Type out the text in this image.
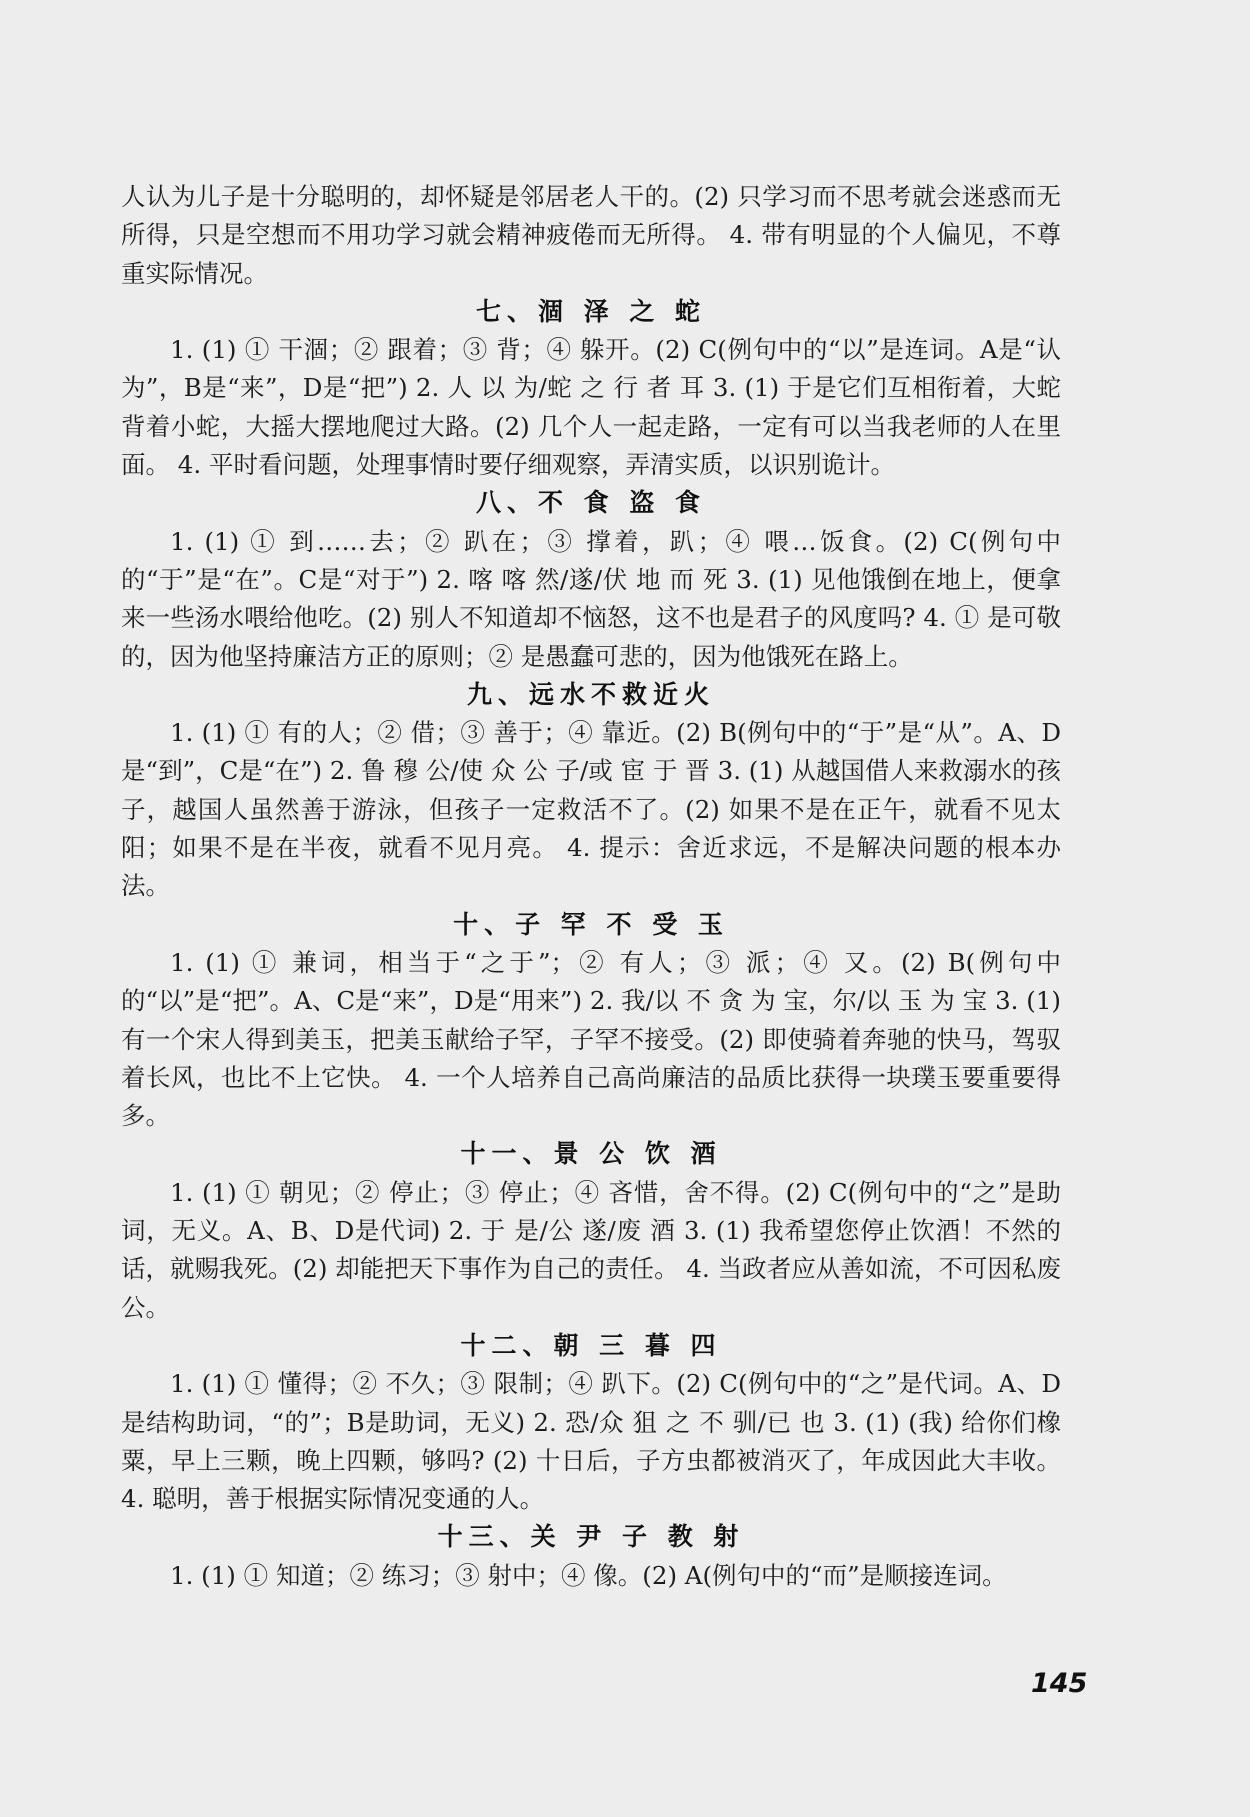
人认为儿子是十分聪明的，却怀疑是邻居老人干的。(2) 只学习而不思考就会迷惑而无所得，只是空想而不用功学习就会精神疲倦而无所得。 4. 带有明显的个人偏见，不尊重实际情况。

七、涸 泽 之 蛇

1. (1) ① 干涸；② 跟着；③ 背；④ 躲开。(2) C(例句中的“以”是连词。A是“认为”，B是“来”，D是“把”) 2. 人 以 为/蛇 之 行 者 耳 3. (1) 于是它们互相衔着，大蛇背着小蛇，大摇大摆地爬过大路。(2) 几个人一起走路，一定有可以当我老师的人在里面。 4. 平时看问题，处理事情时要仔细观察，弄清实质，以识别诡计。

八、不 食 盗 食

1. (1) ① 到……去；② 趴在；③ 撑着，趴；④ 喂…饭食。(2) C(例句中的“于”是“在”。C是“对于”) 2. 喀 喀 然/遂/伏 地 而 死 3. (1) 见他饿倒在地上，便拿来一些汤水喂给他吃。(2) 别人不知道却不恼怒，这不也是君子的风度吗? 4. ① 是可敬的，因为他坚持廉洁方正的原则；② 是愚蠢可悲的，因为他饿死在路上。

九、远水不救近火

1. (1) ① 有的人；② 借；③ 善于；④ 靠近。(2) B(例句中的“于”是“从”。A、D是“到”，C是“在”) 2. 鲁 穆 公/使 众 公 子/或 宦 于 晋 3. (1) 从越国借人来救溺水的孩子，越国人虽然善于游泳，但孩子一定救活不了。(2) 如果不是在正午，就看不见太阳；如果不是在半夜，就看不见月亮。 4. 提示：舍近求远，不是解决问题的根本办法。

十、子 罕 不 受 玉

1. (1) ① 兼词，相当于“之于”；② 有人；③ 派；④ 又。(2) B(例句中的“以”是“把”。A、C是“来”，D是“用来”) 2. 我/以 不 贪 为 宝，尔/以 玉 为 宝 3. (1) 有一个宋人得到美玉，把美玉献给子罕，子罕不接受。(2) 即使骑着奔驰的快马，驾驭着长风，也比不上它快。 4. 一个人培养自己高尚廉洁的品质比获得一块璞玉要重要得多。

十一、景 公 饮 酒

1. (1) ① 朝见；② 停止；③ 停止；④ 吝惜，舍不得。(2) C(例句中的“之”是助词，无义。A、B、D是代词) 2. 于 是/公 遂/废 酒 3. (1) 我希望您停止饮酒！不然的话，就赐我死。(2) 却能把天下事作为自己的责任。 4. 当政者应从善如流，不可因私废公。

十二、朝 三 暮 四

1. (1) ① 懂得；② 不久；③ 限制；④ 趴下。(2) C(例句中的“之”是代词。A、D是结构助词，“的”；B是助词，无义) 2. 恐/众 狙 之 不 驯/已 也 3. (1) (我) 给你们橡粟，早上三颗，晚上四颗，够吗? (2) 十日后，子方虫都被消灭了，年成因此大丰收。 4. 聪明，善于根据实际情况变通的人。

十三、关 尹 子 教 射

1. (1) ① 知道；② 练习；③ 射中；④ 像。(2) A(例句中的“而”是顺接连词。

145
